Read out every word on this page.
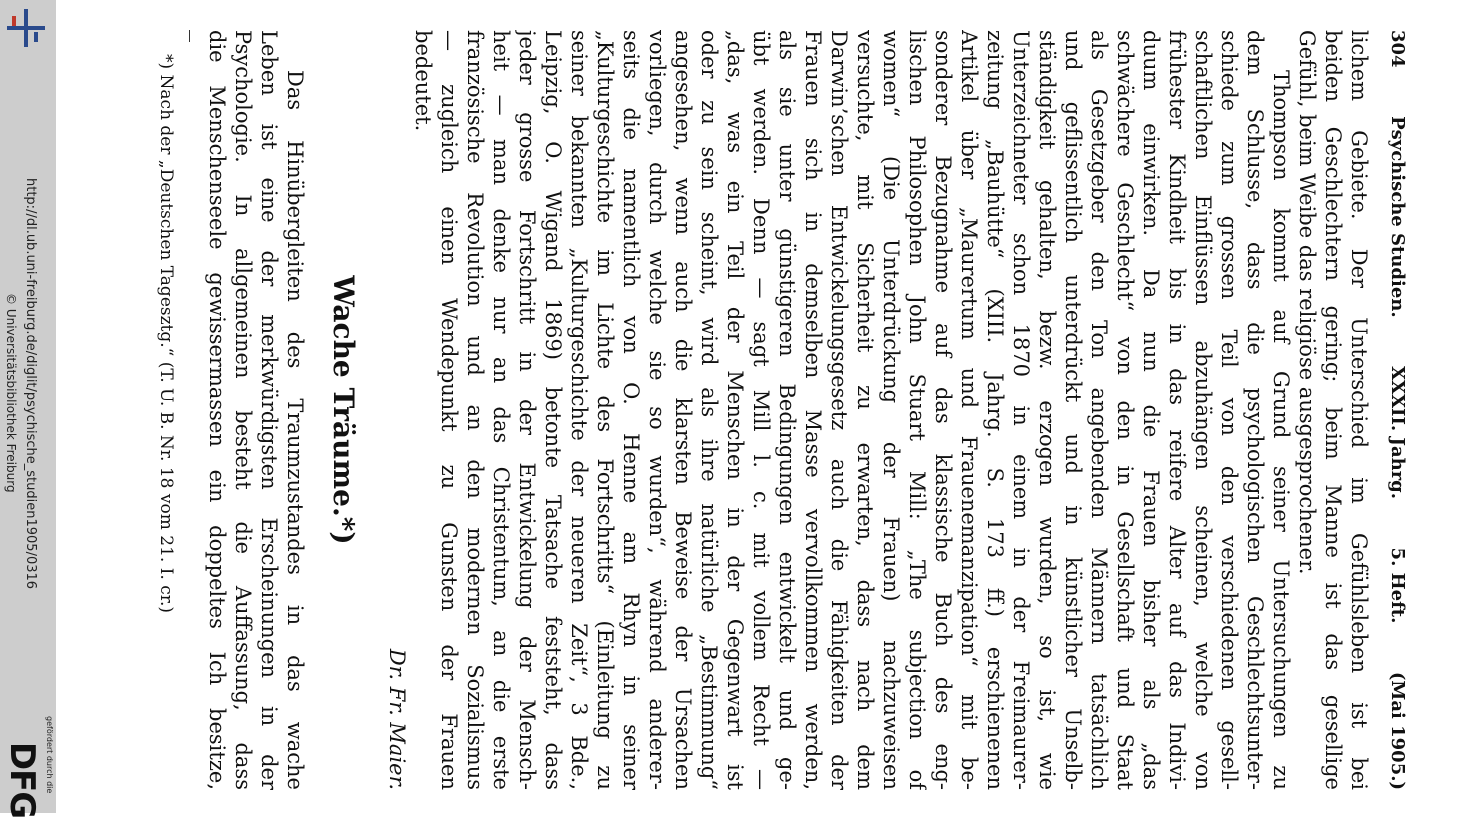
http://dl.ub.uni-freiburg.de/diglit/psychische_studien1905/0316
© Universitätsbibliothek Freiburg
gefördert durch die
DFG
304
Psychische Studien.
XXXII. Jahrg.
5. Heft.
(Mai 1905.)
lichem Gebiete. Der Unterschied im Gefühlsleben ist bei
beiden Geschlechtern gering; beim Manne ist das gesellige
Gefühl, beim Weibe das religiöse ausgesprochener.
Thompson kommt auf Grund seiner Untersuchungen zu
dem Schlusse, dass die psychologischen Geschlechtsunter-
schiede zum grossen Teil von den verschiedenen gesell-
schaftlichen Einflüssen abzuhängen scheinen, welche von
frühester Kindheit bis in das reifere Alter auf das Indivi-
duum einwirken. Da nun die Frauen bisher als „das
schwächere Geschlecht“ von den in Gesellschaft und Staat
als Gesetzgeber den Ton angebenden Männern tatsächlich
und geflissentlich unterdrückt und in künstlicher Unselb-
ständigkeit gehalten, bezw. erzogen wurden, so ist, wie
Unterzeichneter schon 1870 in einem in der Freimaurer-
zeitung „Bauhütte“ (XIII. Jahrg. S. 173 ff.) erschienenen
Artikel über „Maurertum und Frauenemanzipation“ mit be-
sonderer Bezugnahme auf das klassische Buch des eng-
lischen Philosophen John Stuart Mill: „The subjection of
women“ (Die Unterdrückung der Frauen) nachzuweisen
versuchte, mit Sicherheit zu erwarten, dass nach dem
Darwin’schen Entwickelungsgesetz auch die Fähigkeiten der
Frauen sich in demselben Masse vervollkommen werden,
als sie unter günstigeren Bedingungen entwickelt und ge-
übt werden. Denn — sagt Mill l. c. mit vollem Recht —
„das, was ein Teil der Menschen in der Gegenwart ist
oder zu sein scheint, wird als ihre natürliche „Bestimmung“
angesehen, wenn auch die klarsten Beweise der Ursachen
vorliegen, durch welche sie so wurden“, während anderer-
seits die namentlich von O. Henne am Rhyn in seiner
„Kulturgeschichte im Lichte des Fortschritts“ (Einleitung zu
seiner bekannten „Kulturgeschichte der neueren Zeit“, 3 Bde.,
Leipzig, O. Wigand 1869) betonte Tatsache feststeht, dass
jeder grosse Fortschritt in der Entwickelung der Mensch-
heit — man denke nur an das Christentum, an die erste
französische Revolution und an den modernen Sozialismus
— zugleich einen Wendepunkt zu Gunsten der Frauen
bedeutet.
Dr. Fr. Maier.
Wache Träume.*)
Das Hinübergleiten des Traumzustandes in das wache
Leben ist eine der merkwürdigsten Erscheinungen in der
Psychologie. In allgemeinen besteht die Auffassung, dass
die Menschenseele gewissermassen ein doppeltes Ich besitze,
*) Nach der „Deutschen Tagesztg.“ (T. U. B. Nr. 18 vom 21. I. cr.)
